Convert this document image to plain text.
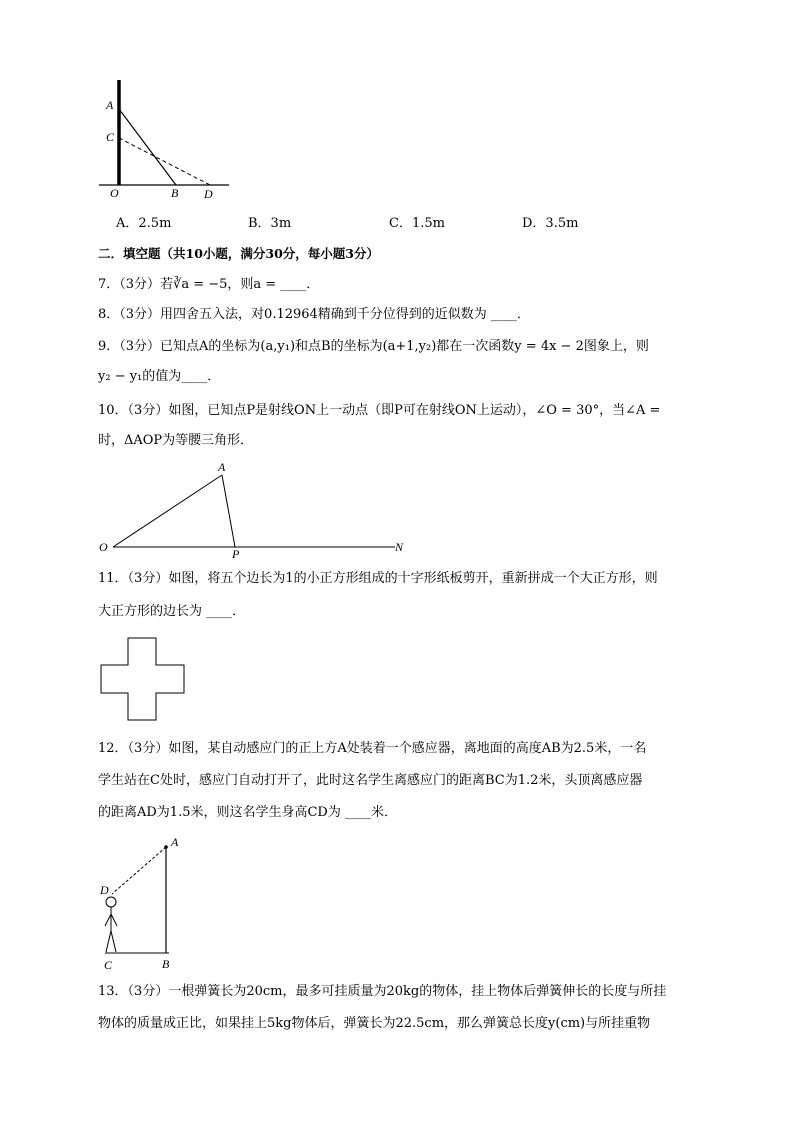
A
C
O	B D
A．2.5m	B．3m	C．1.5m	D．3.5m
二．填空题（共10小题，满分30分，每小题3分）
7．（3分）若∛a = −5，则a = ____．
8．（3分）用四舍五入法，对0.12964精确到千分位得到的近似数为 ____．
9．（3分）已知点A的坐标为(a,y₁)和点B的坐标为(a+1,y₂)都在一次函数y = 4x − 2图象上，则
y₂ − y₁的值为____．
10．（3分）如图，已知点P是射线ON上一动点（即P可在射线ON上运动），∠O = 30°，当∠A =
时，ΔAOP为等腰三角形．
A
O	P	N
11．（3分）如图，将五个边长为1的小正方形组成的十字形纸板剪开，重新拼成一个大正方形，则
大正方形的边长为 ____．
12．（3分）如图，某自动感应门的正上方A处装着一个感应器，离地面的高度AB为2.5米，一名
学生站在C处时，感应门自动打开了，此时这名学生离感应门的距离BC为1.2米，头顶离感应器
的距离AD为1.5米，则这名学生身高CD为 ____米．
A
D
C	B
13．（3分）一根弹簧长为20cm，最多可挂质量为20kg的物体，挂上物体后弹簧伸长的长度与所挂
物体的质量成正比，如果挂上5kg物体后，弹簧长为22.5cm，那么弹簧总长度y(cm)与所挂重物
